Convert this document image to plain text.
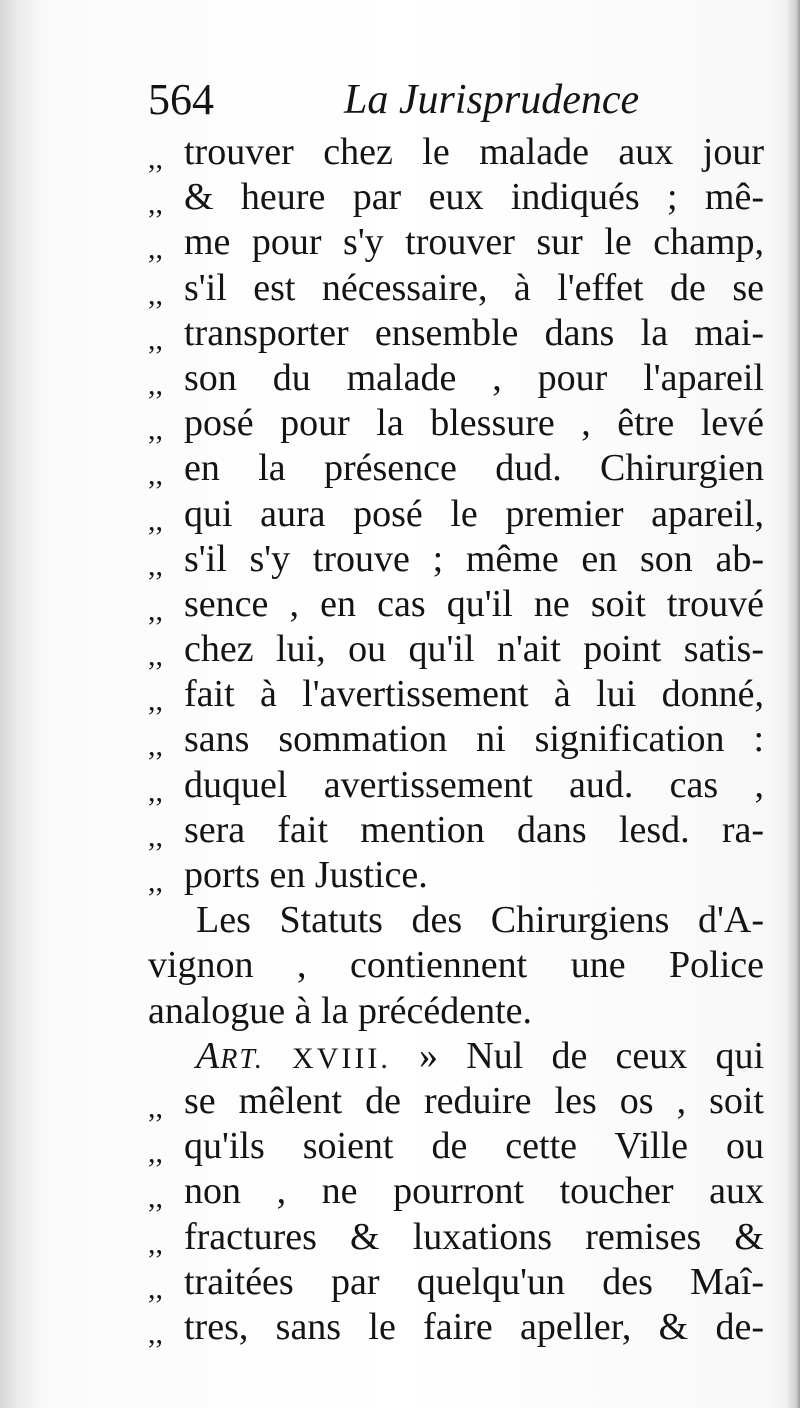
564	La Jurisprudence
,, trouver chez le malade aux jour
,, & heure par eux indiqués ; mê-
,, me pour s'y trouver sur le champ,
,, s'il est nécessaire, à l'effet de se
,, transporter ensemble dans la mai-
,, son du malade , pour l'apareil
,, posé pour la blessure , être levé
,, en la présence dud. Chirurgien
,, qui aura posé le premier apareil,
,, s'il s'y trouve ; même en son ab-
,, sence , en cas qu'il ne soit trouvé
,, chez lui, ou qu'il n'ait point satis-
,, fait à l'avertissement à lui donné,
,, sans sommation ni signification :
,, duquel avertissement aud. cas ,
,, sera fait mention dans lesd. ra-
,, ports en Justice.
Les Statuts des Chirurgiens d'A-
vignon , contiennent une Police
analogue à la précédente.
ART. XVIII. » Nul de ceux qui
,, se mêlent de reduire les os , soit
,, qu'ils soient de cette Ville ou
,, non , ne pourront toucher aux
,, fractures & luxations remises &
,, traitées par quelqu'un des Maî-
,, tres, sans le faire apeller, & de-
